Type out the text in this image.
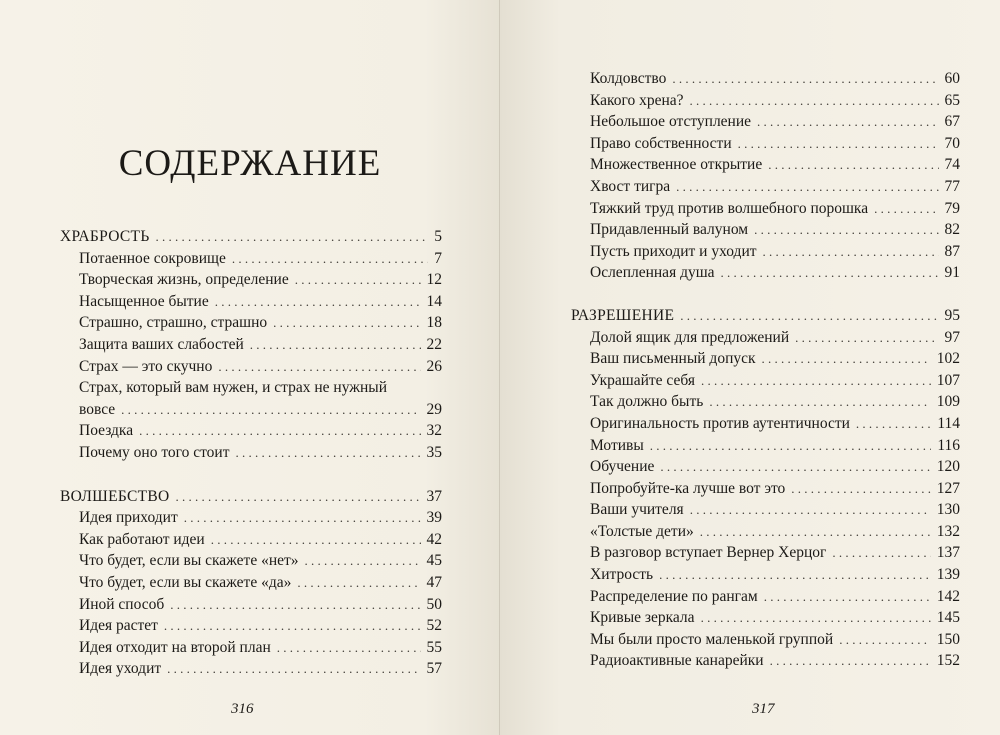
СОДЕРЖАНИЕ
ХРАБРОСТЬ . . .	5
Потаенное сокровище . . .	7
Творческая жизнь, определение . . .	12
Насыщенное бытие . . .	14
Страшно, страшно, страшно . . .	18
Защита ваших слабостей . . .	22
Страх — это скучно . . .	26
Страх, который вам нужен, и страх не нужный
вовсе . . .	29
Поездка . . .	32
Почему оно того стоит . . .	35
ВОЛШЕБСТВО . . .	37
Идея приходит . . .	39
Как работают идеи . . .	42
Что будет, если вы скажете «нет» . . .	45
Что будет, если вы скажете «да» . . .	47
Иной способ . . .	50
Идея растет . . .	52
Идея отходит на второй план . . .	55
Идея уходит . . .	57
316
Колдовство . . .	60
Какого хрена? . . .	65
Небольшое отступление . . .	67
Право собственности . . .	70
Множественное открытие . . .	74
Хвост тигра . . .	77
Тяжкий труд против волшебного порошка . . .	79
Придавленный валуном . . .	82
Пусть приходит и уходит . . .	87
Ослепленная душа . . .	91
РАЗРЕШЕНИЕ . . .	95
Долой ящик для предложений . . .	97
Ваш письменный допуск . . .	102
Украшайте себя . . .	107
Так должно быть . . .	109
Оригинальность против аутентичности . . .	114
Мотивы . . .	116
Обучение . . .	120
Попробуйте-ка лучше вот это . . .	127
Ваши учителя . . .	130
«Толстые дети» . . .	132
В разговор вступает Вернер Херцог . . .	137
Хитрость . . .	139
Распределение по рангам . . .	142
Кривые зеркала . . .	145
Мы были просто маленькой группой . . .	150
Радиоактивные канарейки . . .	152
317
